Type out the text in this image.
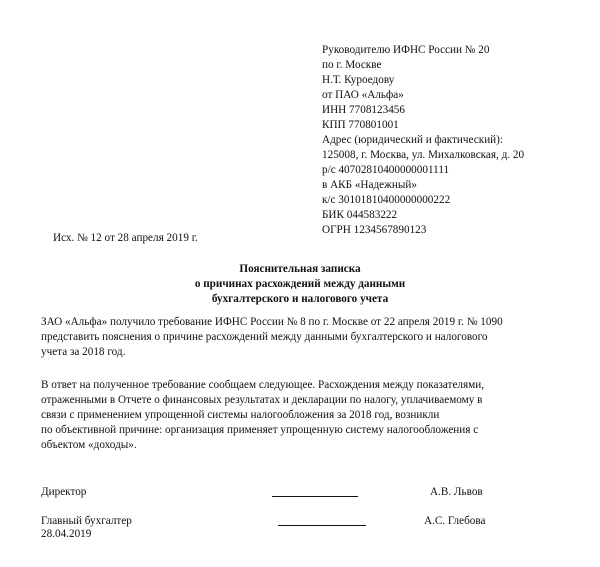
Руководителю ИФНС России № 20
по г. Москве
Н.Т. Куроедову
от ПАО «Альфа»
ИНН 7708123456
КПП 770801001
Адрес (юридический и фактический):
125008, г. Москва, ул. Михалковская, д. 20
р/с 40702810400000001111
в АКБ «Надежный»
к/с 30101810400000000222
БИК 044583222
ОГРН 1234567890123
Исх. № 12 от 28 апреля 2019 г.
Пояснительная записка
о причинах расхождений между данными
бухгалтерского и налогового учета
ЗАО «Альфа» получило требование ИФНС России № 8 по г. Москве от 22 апреля 2019 г. № 1090
представить пояснения о причине расхождений между данными бухгалтерского и налогового
учета за 2018 год.
В ответ на полученное требование сообщаем следующее. Расхождения между показателями,
отраженными в Отчете о финансовых результатах и декларации по налогу, уплачиваемому в
связи с применением упрощенной системы налогообложения за 2018 год, возникли
по объективной причине: организация применяет упрощенную систему налогообложения с
объектом «доходы».
Директор	А.В. Львов
Главный бухгалтер	А.С. Глебова
28.04.2019
